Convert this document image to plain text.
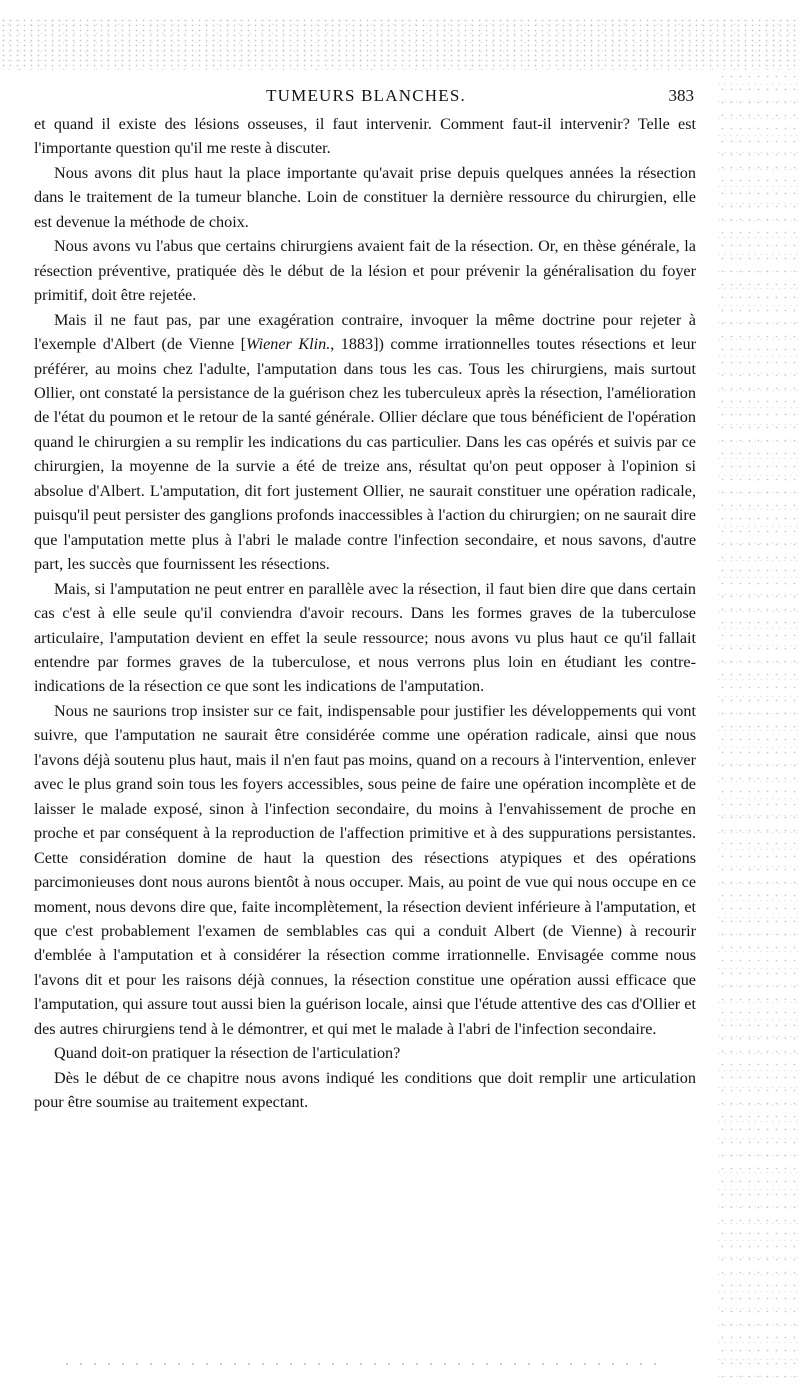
TUMEURS BLANCHES.	383

et quand il existe des lésions osseuses, il faut intervenir. Comment faut-il intervenir? Telle est l'importante question qu'il me reste à discuter.

Nous avons dit plus haut la place importante qu'avait prise depuis quelques années la résection dans le traitement de la tumeur blanche. Loin de constituer la dernière ressource du chirurgien, elle est devenue la méthode de choix.

Nous avons vu l'abus que certains chirurgiens avaient fait de la résection. Or, en thèse générale, la résection préventive, pratiquée dès le début de la lésion et pour prévenir la généralisation du foyer primitif, doit être rejetée.

Mais il ne faut pas, par une exagération contraire, invoquer la même doctrine pour rejeter à l'exemple d'Albert (de Vienne [Wiener Klin., 1883]) comme irrationnelles toutes résections et leur préférer, au moins chez l'adulte, l'amputation dans tous les cas. Tous les chirurgiens, mais surtout Ollier, ont constaté la persistance de la guérison chez les tuberculeux après la résection, l'amélioration de l'état du poumon et le retour de la santé générale. Ollier déclare que tous bénéficient de l'opération quand le chirurgien a su remplir les indications du cas particulier. Dans les cas opérés et suivis par ce chirurgien, la moyenne de la survie a été de treize ans, résultat qu'on peut opposer à l'opinion si absolue d'Albert. L'amputation, dit fort justement Ollier, ne saurait constituer une opération radicale, puisqu'il peut persister des ganglions profonds inaccessibles à l'action du chirurgien; on ne saurait dire que l'amputation mette plus à l'abri le malade contre l'infection secondaire, et nous savons, d'autre part, les succès que fournissent les résections.

Mais, si l'amputation ne peut entrer en parallèle avec la résection, il faut bien dire que dans certain cas c'est à elle seule qu'il conviendra d'avoir recours. Dans les formes graves de la tuberculose articulaire, l'amputation devient en effet la seule ressource; nous avons vu plus haut ce qu'il fallait entendre par formes graves de la tuberculose, et nous verrons plus loin en étudiant les contre-indications de la résection ce que sont les indications de l'amputation.

Nous ne saurions trop insister sur ce fait, indispensable pour justifier les développements qui vont suivre, que l'amputation ne saurait être considérée comme une opération radicale, ainsi que nous l'avons déjà soutenu plus haut, mais il n'en faut pas moins, quand on a recours à l'intervention, enlever avec le plus grand soin tous les foyers accessibles, sous peine de faire une opération incomplète et de laisser le malade exposé, sinon à l'infection secondaire, du moins à l'envahissement de proche en proche et par conséquent à la reproduction de l'affection primitive et à des suppurations persistantes. Cette considération domine de haut la question des résections atypiques et des opérations parcimonieuses dont nous aurons bientôt à nous occuper. Mais, au point de vue qui nous occupe en ce moment, nous devons dire que, faite incomplètement, la résection devient inférieure à l'amputation, et que c'est probablement l'examen de semblables cas qui a conduit Albert (de Vienne) à recourir d'emblée à l'amputation et à considérer la résection comme irrationnelle. Envisagée comme nous l'avons dit et pour les raisons déjà connues, la résection constitue une opération aussi efficace que l'amputation, qui assure tout aussi bien la guérison locale, ainsi que l'étude attentive des cas d'Ollier et des autres chirurgiens tend à le démontrer, et qui met le malade à l'abri de l'infection secondaire.

Quand doit-on pratiquer la résection de l'articulation?

Dès le début de ce chapitre nous avons indiqué les conditions que doit remplir une articulation pour être soumise au traitement expectant.
